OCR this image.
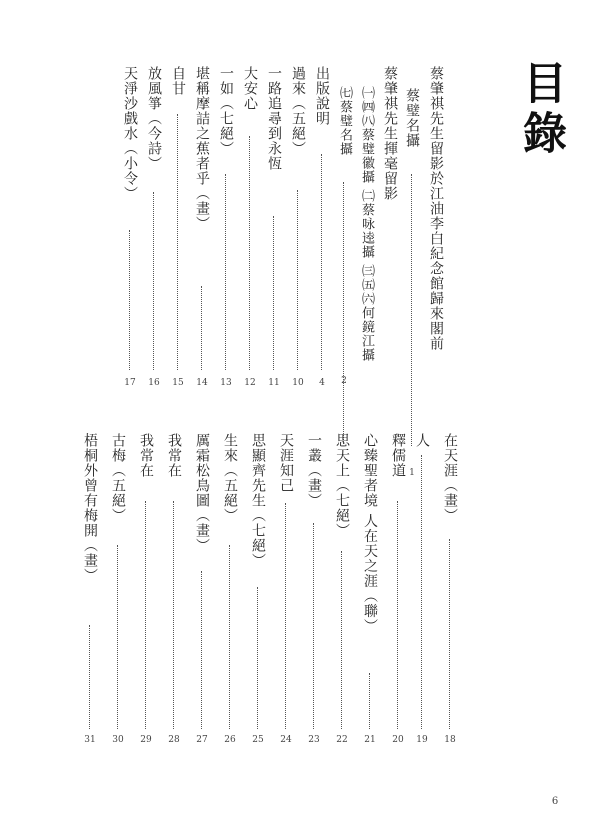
目錄
蔡肇祺先生留影於江油李白紀念館歸來閣前
蔡璧名攝
1
蔡肇祺先生揮毫留影
㈠㈣㈧蔡璧徽攝 ㈡蔡咏逵攝 ㈢㈤㈥何鏡江攝
㈦蔡璧名攝
2
出版說明
4
過來（五絕）
10
一路追尋到永恆
11
大安心
12
一如（七絕）
13
堪稱摩詰之蕉者乎（畫）
14
自甘
15
放風箏（今詩）
16
天淨沙戲水（小令）
17
在天涯（畫）
18
人
19
釋儒道
20
心臻聖者境 人在天之涯（聯）
21
思天上（七絕）
22
一叢（畫）
23
天涯知己
24
思顯齊先生（七絕）
25
生來（五絕）
26
厲霜松鳥圖（畫）
27
我常在
28
我常在
29
古梅（五絕）
30
梧桐外曾有梅開（畫）
31
6
